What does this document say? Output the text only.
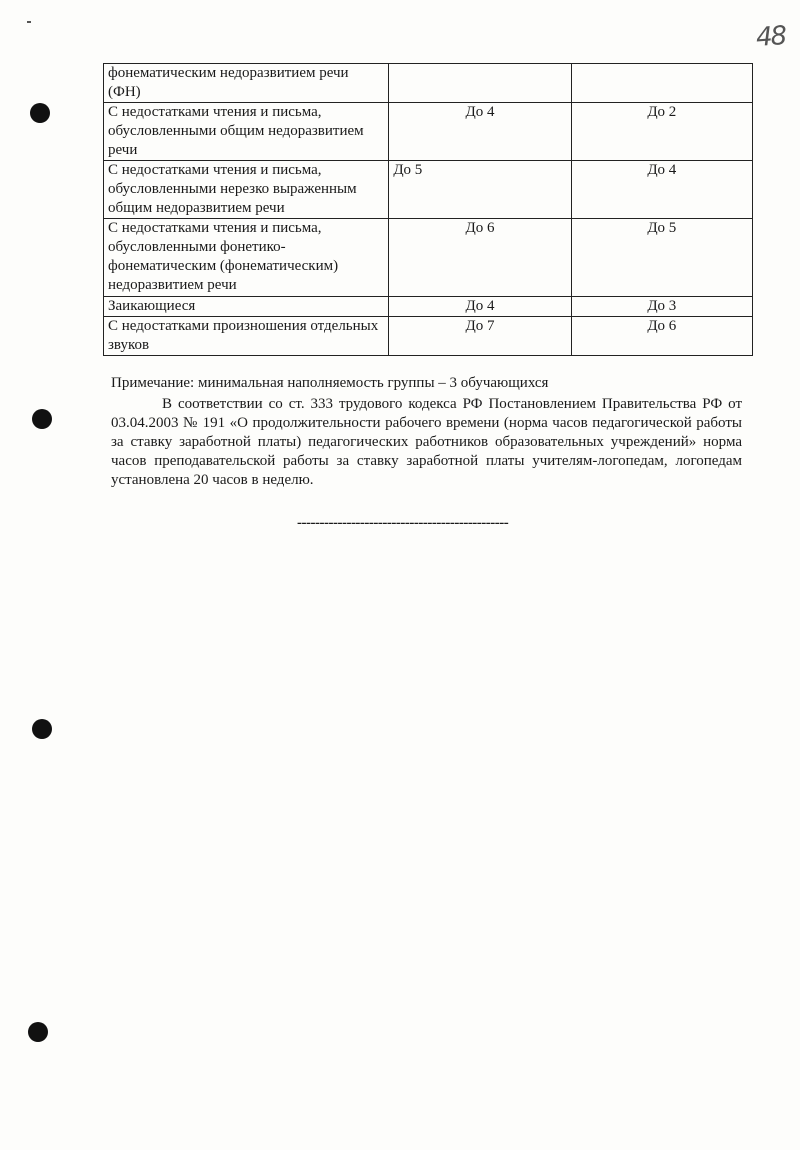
48
фонематическим недоразвитием речи (ФН)		
С недостатками чтения и письма, обусловленными общим недоразвитием речи	До 4	До 2
С недостатками чтения и письма, обусловленными нерезко выраженным общим недоразвитием речи	До 5	До 4
С недостатками чтения и письма, обусловленными фонетико-фонематическим (фонематическим) недоразвитием речи	До 6	До 5
Заикающиеся	До 4	До 3
С недостатками произношения отдельных звуков	До 7	До 6
Примечание: минимальная наполняемость группы – 3 обучающихся
В соответствии со ст. 333 трудового кодекса РФ Постановлением Правительства РФ от 03.04.2003 № 191 «О продолжительности рабочего времени (норма часов педагогической работы за ставку заработной платы) педагогических работников образовательных учреждений» норма часов преподавательской работы за ставку заработной платы учителям-логопедам, логопедам установлена 20 часов в неделю.
-----------------------------------------------
